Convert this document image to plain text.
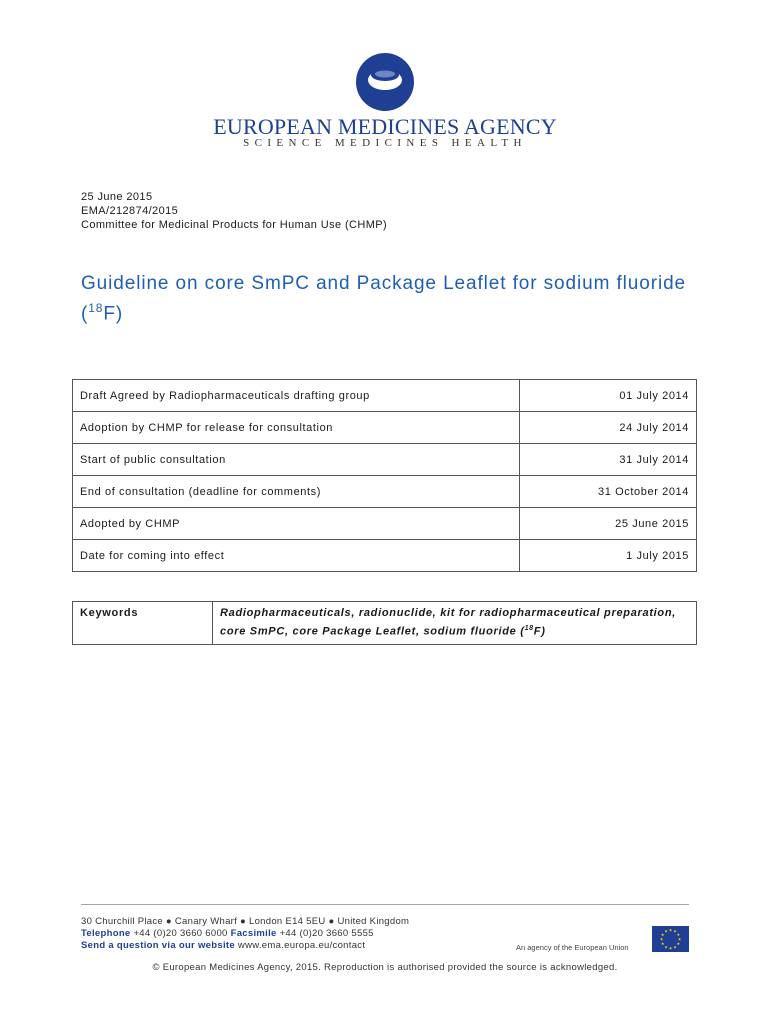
EUROPEAN MEDICINES AGENCY
SCIENCE MEDICINES HEALTH
25 June 2015
EMA/212874/2015
Committee for Medicinal Products for Human Use (CHMP)
Guideline on core SmPC and Package Leaflet for sodium fluoride ($^{18}$F)
Draft Agreed by Radiopharmaceuticals drafting group	01 July 2014
Adoption by CHMP for release for consultation	24 July 2014
Start of public consultation	31 July 2014
End of consultation (deadline for comments)	31 October 2014
Adopted by CHMP	25 June 2015
Date for coming into effect	1 July 2015
Keywords	Radiopharmaceuticals, radionuclide, kit for radiopharmaceutical preparation, core SmPC, core Package Leaflet, sodium fluoride ($^{18}$F)
30 Churchill Place ● Canary Wharf ● London E14 5EU ● United Kingdom
Telephone +44 (0)20 3660 6000 Facsimile +44 (0)20 3660 5555
Send a question via our website www.ema.europa.eu/contact	An agency of the European Union
★ ★
★
★
★
★
★
★
★
★
★
★
© European Medicines Agency, 2015. Reproduction is authorised provided the source is acknowledged.
